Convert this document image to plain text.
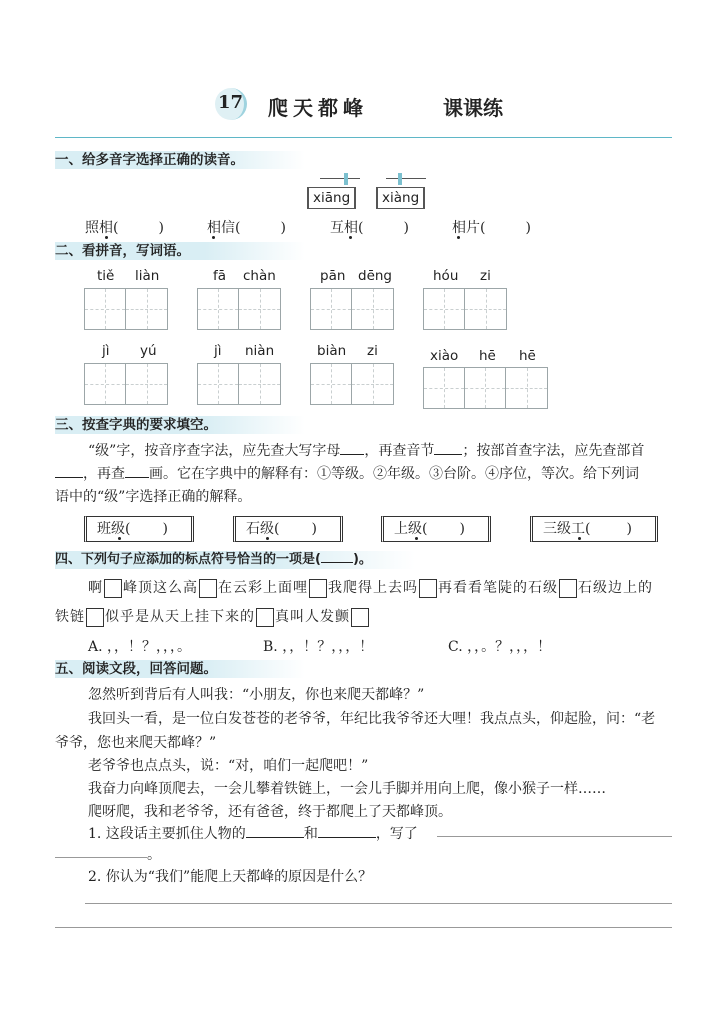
17 爬天都峰	课课练
一、给多音字选择正确的读音。
xiāng	xiàng
照相(	)	相信(	)	互相(	)	相片(	)
二、看拼音，写词语。
tiě liàn	fā chàn	pān dēng	hóu zi
jì yú	jì niàn	biàn zi	xiào hē hē
三、按查字典的要求填空。
“级”字，按音序查字法，应先查大写字母 ，再查音节 ；按部首查字法，应先查部首
，再查 画。它在字典中的解释有：①等级。②年级。③台阶。④序位，等次。给下列词
语中的“级”字选择正确的解释。
班级( )	石级( )	上级( )	三级工(	)
四、下列句子应添加的标点符号恰当的一项是( )。
啊 峰顶这么高 在云彩上面哩 我爬得上去吗 再看看笔陡的石级 石级边上的
铁链 似乎是从天上挂下来的 真叫人发颤
A. ，，！？，，，。	B. ，，！？，，，！	C. ，，。？，，，！
五、阅读文段，回答问题。
忽然听到背后有人叫我：“小朋友，你也来爬天都峰？”
我回头一看，是一位白发苍苍的老爷爷，年纪比我爷爷还大哩！我点点头，仰起脸，问：“老
爷爷，您也来爬天都峰？”
老爷爷也点点头，说：“对，咱们一起爬吧！”
我奋力向峰顶爬去，一会儿攀着铁链上，一会儿手脚并用向上爬，像小猴子一样……
爬呀爬，我和老爷爷，还有爸爸，终于都爬上了天都峰顶。
1. 这段话主要抓住人物的	和	，写了
。
2. 你认为“我们”能爬上天都峰的原因是什么？
